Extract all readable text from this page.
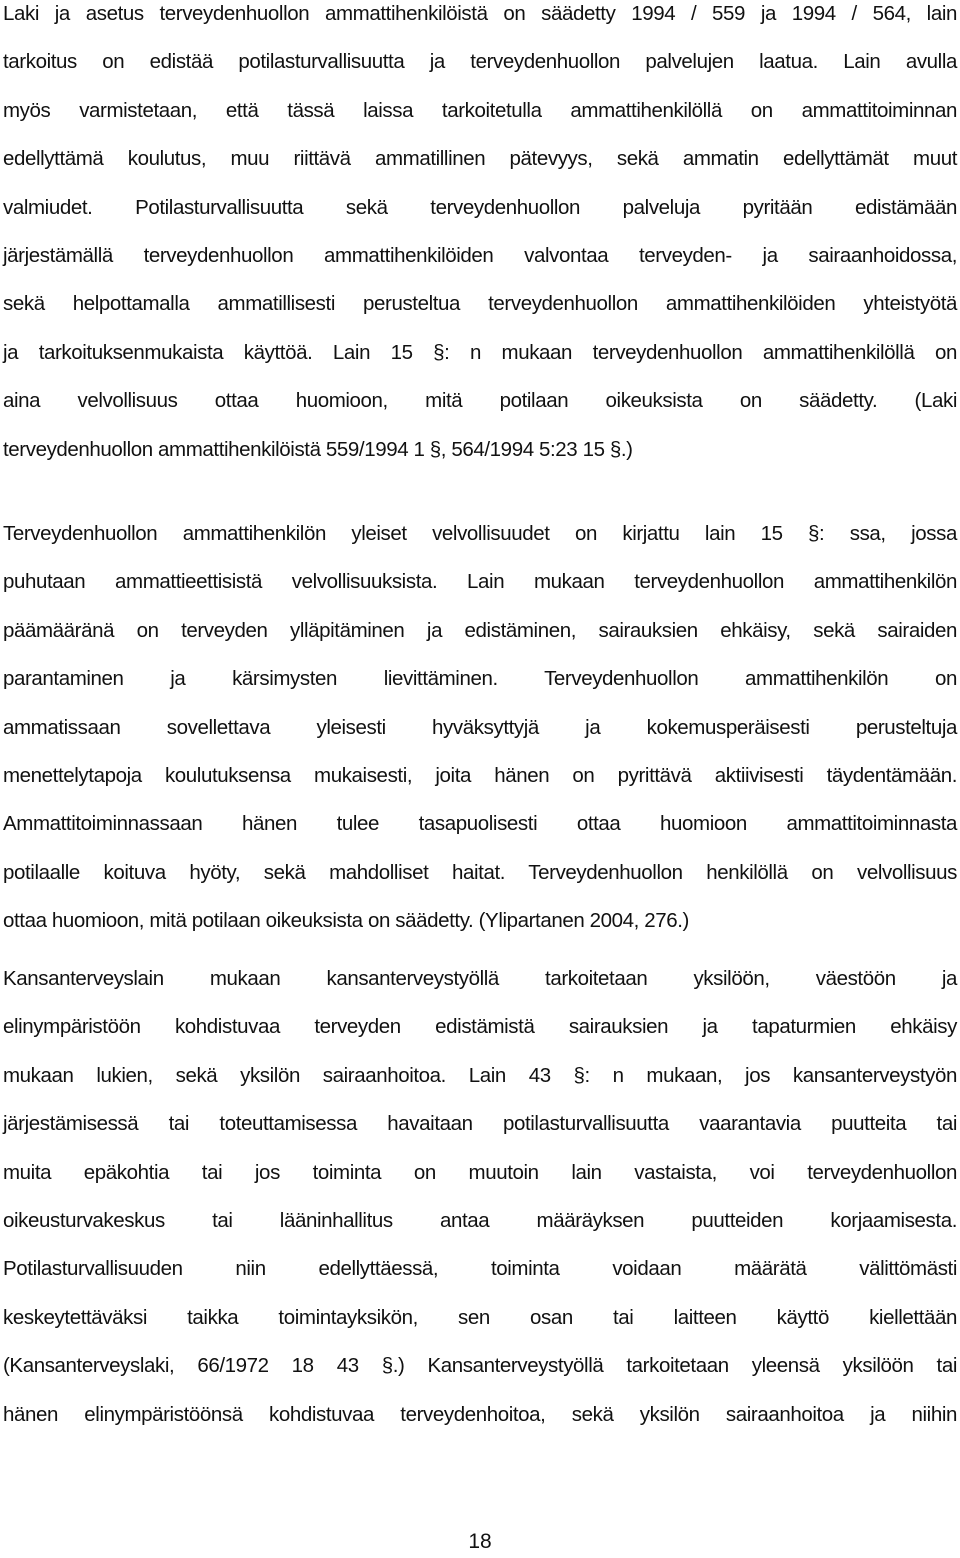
Laki ja asetus terveydenhuollon ammattihenkilöistä on säädetty 1994 / 559 ja 1994 / 564, lain
tarkoitus on edistää potilasturvallisuutta ja terveydenhuollon palvelujen laatua. Lain avulla
myös varmistetaan, että tässä laissa tarkoitetulla ammattihenkilöllä on ammattitoiminnan
edellyttämä koulutus, muu riittävä ammatillinen pätevyys, sekä ammatin edellyttämät muut
valmiudet. Potilasturvallisuutta sekä terveydenhuollon palveluja pyritään edistämään
järjestämällä terveydenhuollon ammattihenkilöiden valvontaa terveyden- ja sairaanhoidossa,
sekä helpottamalla ammatillisesti perusteltua terveydenhuollon ammattihenkilöiden yhteistyötä
ja tarkoituksenmukaista käyttöä. Lain 15 §: n mukaan terveydenhuollon ammattihenkilöllä on
aina velvollisuus ottaa huomioon, mitä potilaan oikeuksista on säädetty. (Laki
terveydenhuollon ammattihenkilöistä 559/1994 1 §, 564/1994 5:23 15 §.)
Terveydenhuollon ammattihenkilön yleiset velvollisuudet on kirjattu lain 15 §: ssa, jossa
puhutaan ammattieettisistä velvollisuuksista. Lain mukaan terveydenhuollon ammattihenkilön
päämääränä on terveyden ylläpitäminen ja edistäminen, sairauksien ehkäisy, sekä sairaiden
parantaminen ja kärsimysten lievittäminen. Terveydenhuollon ammattihenkilön on
ammatissaan sovellettava yleisesti hyväksyttyjä ja kokemusperäisesti perusteltuja
menettelytapoja koulutuksensa mukaisesti, joita hänen on pyrittävä aktiivisesti täydentämään.
Ammattitoiminnassaan hänen tulee tasapuolisesti ottaa huomioon ammattitoiminnasta
potilaalle koituva hyöty, sekä mahdolliset haitat. Terveydenhuollon henkilöllä on velvollisuus
ottaa huomioon, mitä potilaan oikeuksista on säädetty. (Ylipartanen 2004, 276.)
Kansanterveyslain mukaan kansanterveystyöllä tarkoitetaan yksilöön, väestöön ja
elinympäristöön kohdistuvaa terveyden edistämistä sairauksien ja tapaturmien ehkäisy
mukaan lukien, sekä yksilön sairaanhoitoa. Lain 43 §: n mukaan, jos kansanterveystyön
järjestämisessä tai toteuttamisessa havaitaan potilasturvallisuutta vaarantavia puutteita tai
muita epäkohtia tai jos toiminta on muutoin lain vastaista, voi terveydenhuollon
oikeusturvakeskus tai lääninhallitus antaa määräyksen puutteiden korjaamisesta.
Potilasturvallisuuden niin edellyttäessä, toiminta voidaan määrätä välittömästi
keskeytettäväksi taikka toimintayksikön, sen osan tai laitteen käyttö kiellettään
(Kansanterveyslaki, 66/1972 18 43 §.) Kansanterveystyöllä tarkoitetaan yleensä yksilöön tai
hänen elinympäristöönsä kohdistuvaa terveydenhoitoa, sekä yksilön sairaanhoitoa ja niihin
18
